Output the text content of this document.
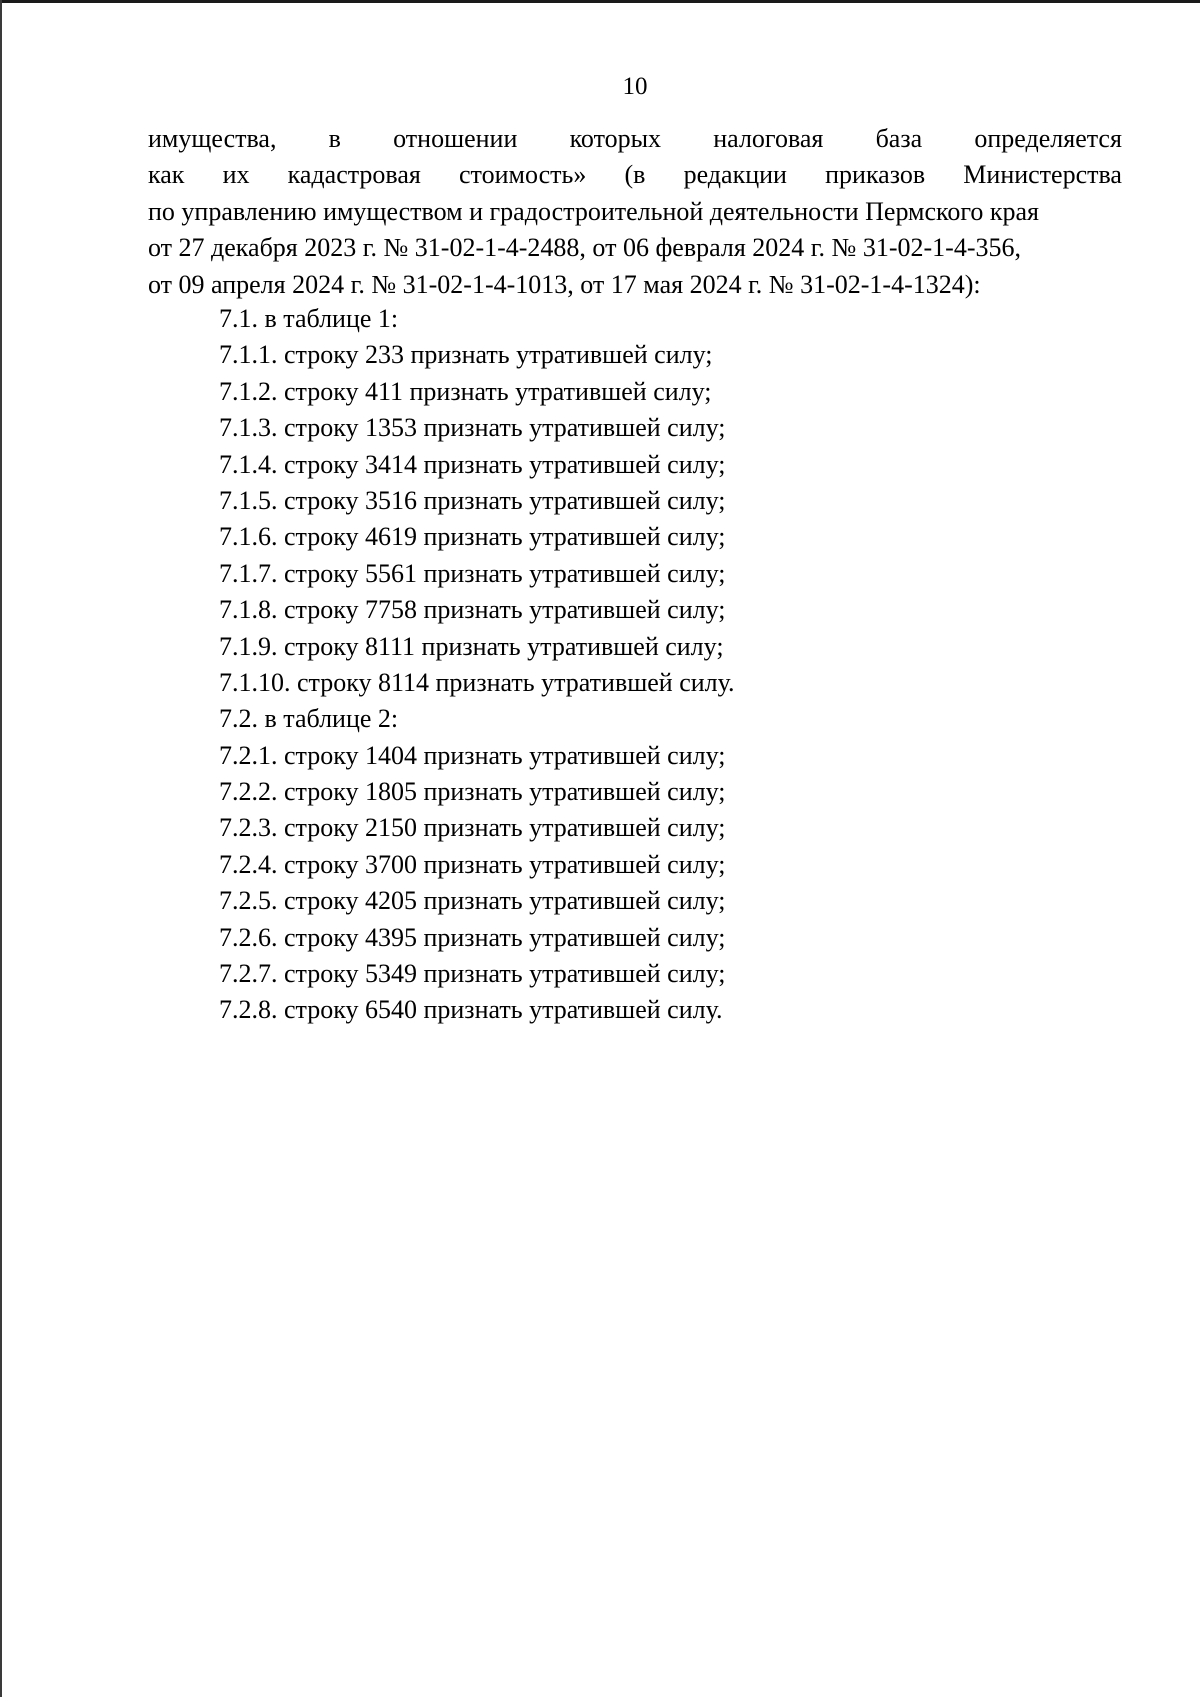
10
имущества, в отношении которых налоговая база определяется
как их кадастровая стоимость» (в редакции приказов Министерства
по управлению имуществом и градостроительной деятельности Пермского края
от 27 декабря 2023 г. № 31-02-1-4-2488, от 06 февраля 2024 г. № 31-02-1-4-356,
от 09 апреля 2024 г. № 31-02-1-4-1013, от 17 мая 2024 г. № 31-02-1-4-1324):
7.1. в таблице 1:
7.1.1. строку 233 признать утратившей силу;
7.1.2. строку 411 признать утратившей силу;
7.1.3. строку 1353 признать утратившей силу;
7.1.4. строку 3414 признать утратившей силу;
7.1.5. строку 3516 признать утратившей силу;
7.1.6. строку 4619 признать утратившей силу;
7.1.7. строку 5561 признать утратившей силу;
7.1.8. строку 7758 признать утратившей силу;
7.1.9. строку 8111 признать утратившей силу;
7.1.10. строку 8114 признать утратившей силу.
7.2. в таблице 2:
7.2.1. строку 1404 признать утратившей силу;
7.2.2. строку 1805 признать утратившей силу;
7.2.3. строку 2150 признать утратившей силу;
7.2.4. строку 3700 признать утратившей силу;
7.2.5. строку 4205 признать утратившей силу;
7.2.6. строку 4395 признать утратившей силу;
7.2.7. строку 5349 признать утратившей силу;
7.2.8. строку 6540 признать утратившей силу.
